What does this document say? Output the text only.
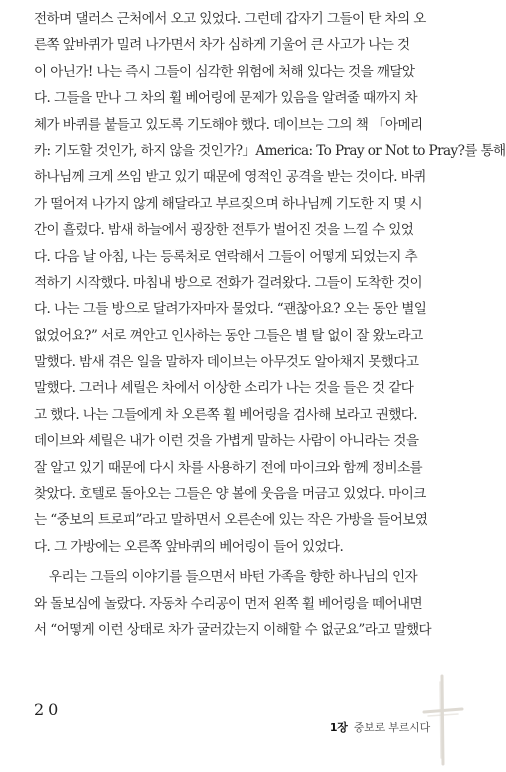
전하며 댈러스 근처에서 오고 있었다. 그런데 갑자기 그들이 탄 차의 오
른쪽 앞바퀴가 밀려 나가면서 차가 심하게 기울어 큰 사고가 나는 것
이 아닌가! 나는 즉시 그들이 심각한 위험에 처해 있다는 것을 깨달았
다. 그들을 만나 그 차의 휠 베어링에 문제가 있음을 알려줄 때까지 차
체가 바퀴를 붙들고 있도록 기도해야 했다. 데이브는 그의 책 「아메리
카: 기도할 것인가, 하지 않을 것인가?」America: To Pray or Not to Pray?를 통해
하나님께 크게 쓰임 받고 있기 때문에 영적인 공격을 받는 것이다. 바퀴
가 떨어져 나가지 않게 해달라고 부르짖으며 하나님께 기도한 지 몇 시
간이 흘렀다. 밤새 하늘에서 굉장한 전투가 벌어진 것을 느낄 수 있었
다. 다음 날 아침, 나는 등록처로 연락해서 그들이 어떻게 되었는지 추
적하기 시작했다. 마침내 방으로 전화가 걸려왔다. 그들이 도착한 것이
다. 나는 그들 방으로 달려가자마자 물었다. “괜찮아요? 오는 동안 별일
없었어요?” 서로 껴안고 인사하는 동안 그들은 별 탈 없이 잘 왔노라고
말했다. 밤새 겪은 일을 말하자 데이브는 아무것도 알아채지 못했다고
말했다. 그러나 셰릴은 차에서 이상한 소리가 나는 것을 들은 것 같다
고 했다. 나는 그들에게 차 오른쪽 휠 베어링을 검사해 보라고 권했다.
데이브와 셰릴은 내가 이런 것을 가볍게 말하는 사람이 아니라는 것을
잘 알고 있기 때문에 다시 차를 사용하기 전에 마이크와 함께 정비소를
찾았다. 호텔로 돌아오는 그들은 양 볼에 웃음을 머금고 있었다. 마이크
는 “중보의 트로피”라고 말하면서 오른손에 있는 작은 가방을 들어보였
다. 그 가방에는 오른쪽 앞바퀴의 베어링이 들어 있었다.
우리는 그들의 이야기를 들으면서 바턴 가족을 향한 하나님의 인자
와 돌보심에 놀랐다. 자동차 수리공이 먼저 왼쪽 휠 베어링을 떼어내면
서 “어떻게 이런 상태로 차가 굴러갔는지 이해할 수 없군요”라고 말했다
20
1장 중보로 부르시다
